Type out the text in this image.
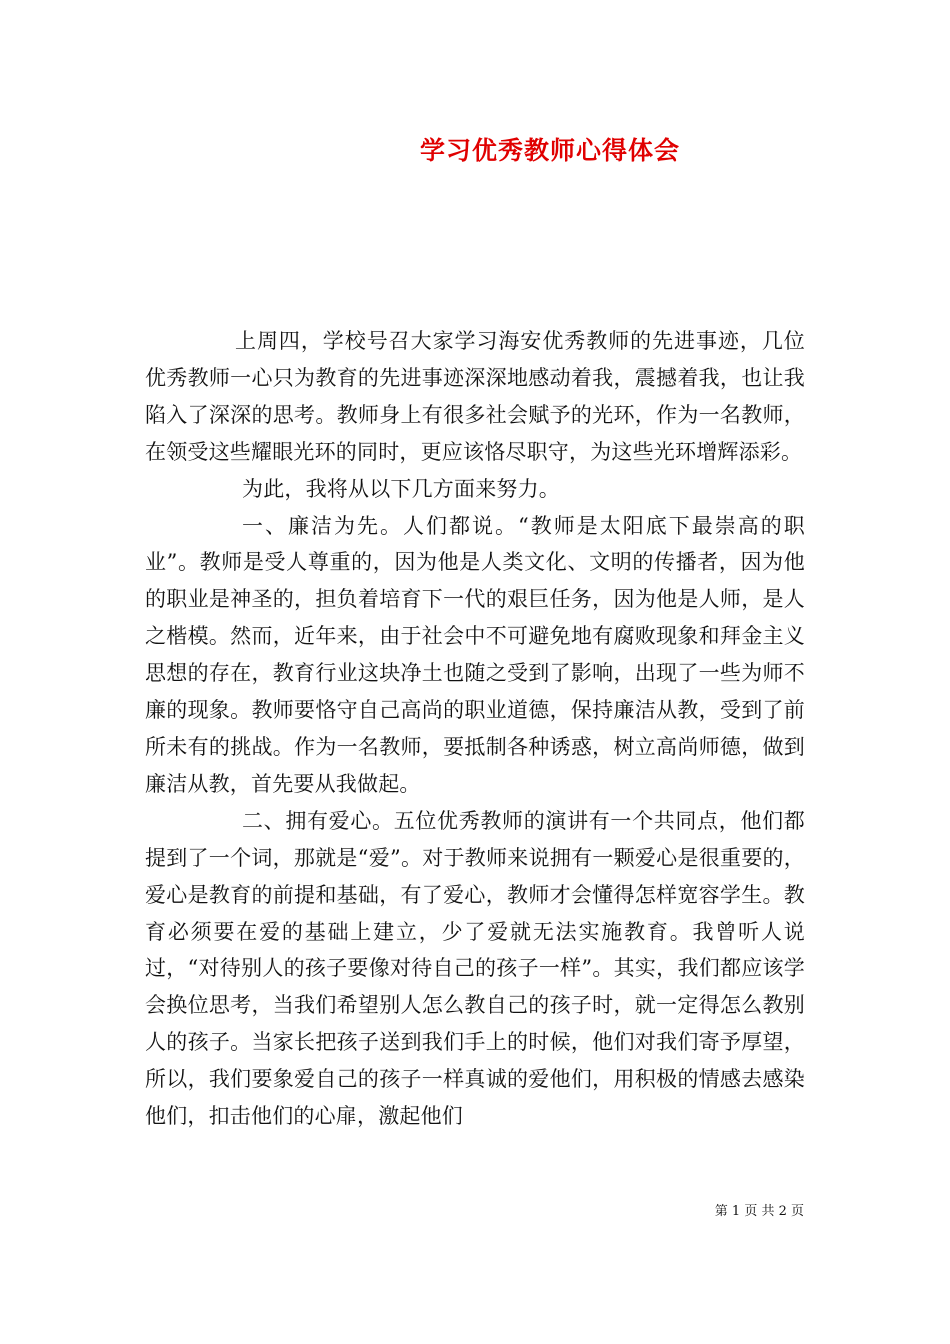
学习优秀教师心得体会

上周四，学校号召大家学习海安优秀教师的先进事迹，几位优秀教师一心只为教育的先进事迹深深地感动着我，震撼着我，也让我陷入了深深的思考。教师身上有很多社会赋予的光环，作为一名教师，在领受这些耀眼光环的同时，更应该恪尽职守，为这些光环增辉添彩。

为此，我将从以下几方面来努力。

一、廉洁为先。人们都说。“教师是太阳底下最崇高的职业”。教师是受人尊重的，因为他是人类文化、文明的传播者，因为他的职业是神圣的，担负着培育下一代的艰巨任务，因为他是人师，是人之楷模。然而，近年来，由于社会中不可避免地有腐败现象和拜金主义思想的存在，教育行业这块净土也随之受到了影响，出现了一些为师不廉的现象。教师要恪守自己高尚的职业道德，保持廉洁从教，受到了前所未有的挑战。作为一名教师，要抵制各种诱惑，树立高尚师德，做到廉洁从教，首先要从我做起。

二、拥有爱心。五位优秀教师的演讲有一个共同点，他们都提到了一个词，那就是“爱”。对于教师来说拥有一颗爱心是很重要的，爱心是教育的前提和基础，有了爱心，教师才会懂得怎样宽容学生。教育必须要在爱的基础上建立，少了爱就无法实施教育。我曾听人说过，“对待别人的孩子要像对待自己的孩子一样”。其实，我们都应该学会换位思考，当我们希望别人怎么教自己的孩子时，就一定得怎么教别人的孩子。当家长把孩子送到我们手上的时候，他们对我们寄予厚望，所以，我们要象爱自己的孩子一样真诚的爱他们，用积极的情感去感染他们，扣击他们的心扉，激起他们

第 1 页 共 2 页
